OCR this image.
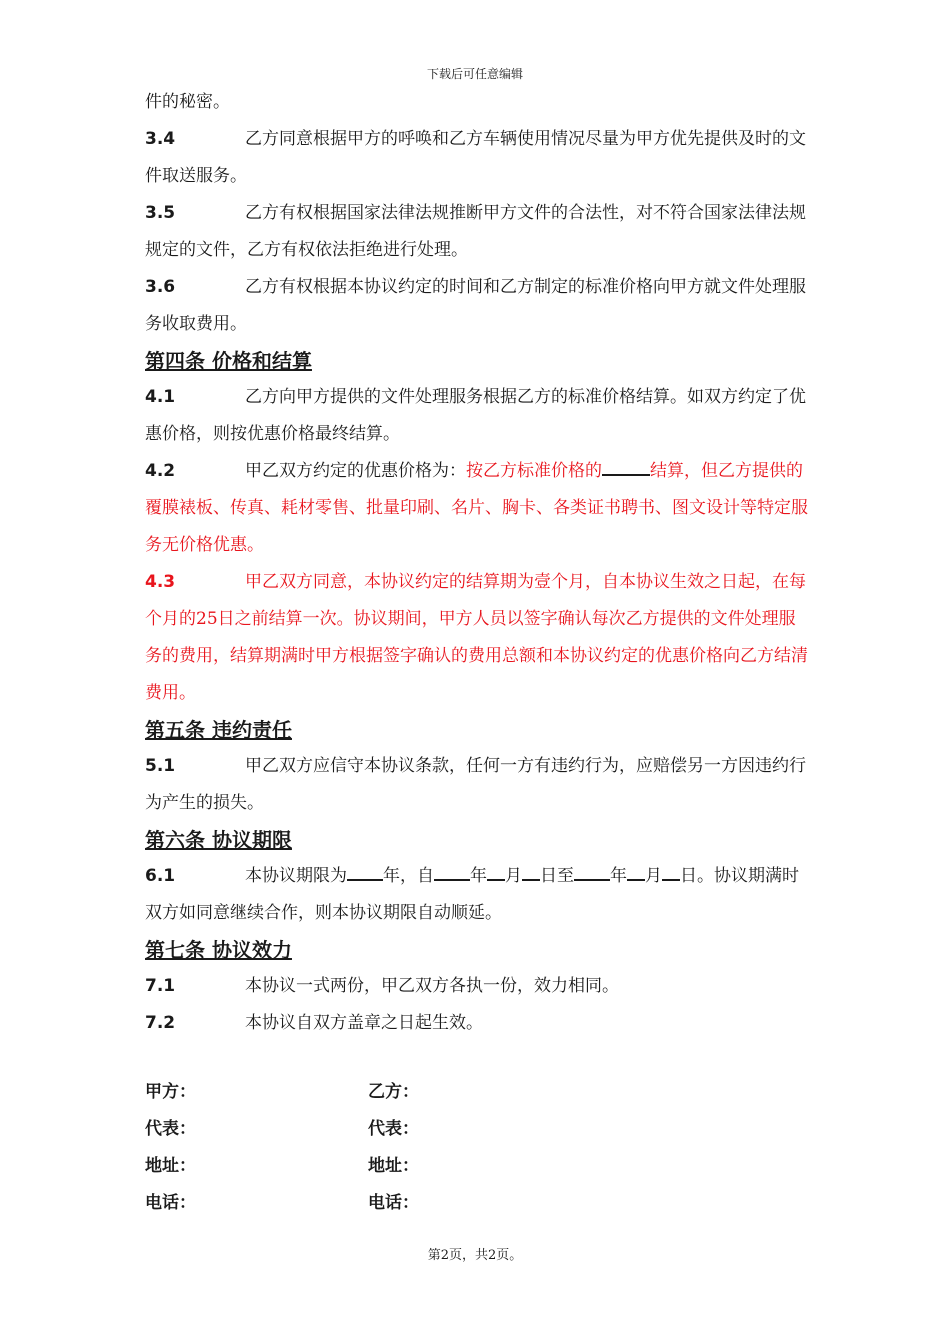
下载后可任意编辑

件的秘密。

3.4	乙方同意根据甲方的呼唤和乙方车辆使用情况尽量为甲方优先提供及时的文件取送服务。

3.5	乙方有权根据国家法律法规推断甲方文件的合法性，对不符合国家法律法规规定的文件，乙方有权依法拒绝进行处理。

3.6	乙方有权根据本协议约定的时间和乙方制定的标准价格向甲方就文件处理服务收取费用。

第四条 价格和结算

4.1	乙方向甲方提供的文件处理服务根据乙方的标准价格结算。如双方约定了优惠价格，则按优惠价格最终结算。

4.2	甲乙双方约定的优惠价格为：按乙方标准价格的	结算，但乙方提供的覆膜裱板、传真、耗材零售、批量印刷、名片、胸卡、各类证书聘书、图文设计等特定服务无价格优惠。

4.3	甲乙双方同意，本协议约定的结算期为壹个月，自本协议生效之日起，在每个月的25日之前结算一次。协议期间，甲方人员以签字确认每次乙方提供的文件处理服务的费用，结算期满时甲方根据签字确认的费用总额和本协议约定的优惠价格向乙方结清费用。

第五条 违约责任

5.1	甲乙双方应信守本协议条款，任何一方有违约行为，应赔偿另一方因违约行为产生的损失。

第六条 协议期限

6.1	本协议期限为 年，自 年 月 日至 年 月 日。协议期满时双方如同意继续合作，则本协议期限自动顺延。

第七条 协议效力

7.1	本协议一式两份，甲乙双方各执一份，效力相同。

7.2	本协议自双方盖章之日起生效。

甲方：	乙方：
代表：	代表：
地址：	地址：
电话：	电话：
第2页，共2页。
